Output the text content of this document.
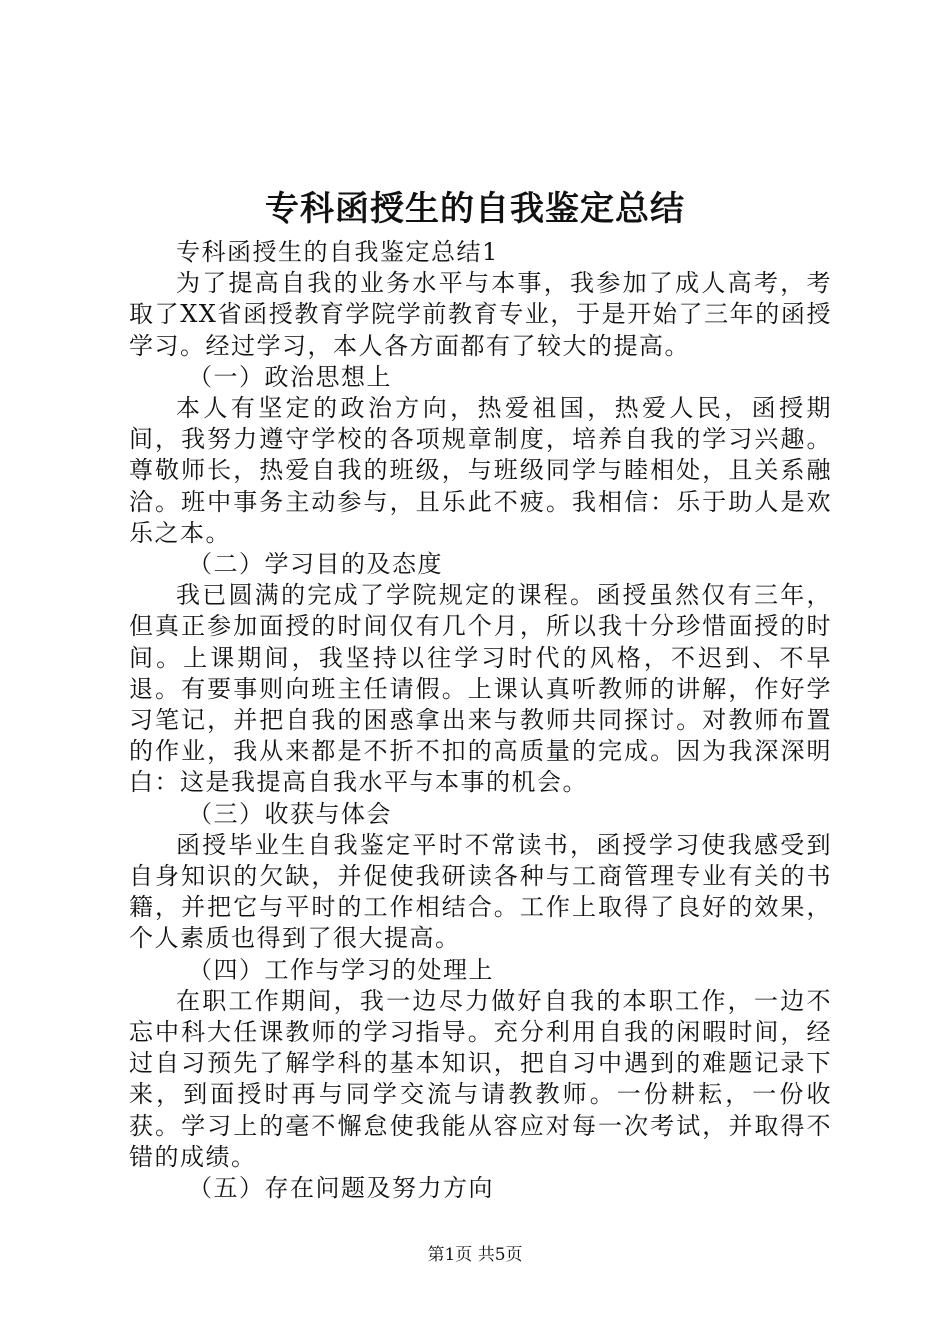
专科函授生的自我鉴定总结

专科函授生的自我鉴定总结1

为了提高自我的业务水平与本事，我参加了成人高考，考取了XX省函授教育学院学前教育专业，于是开始了三年的函授学习。经过学习，本人各方面都有了较大的提高。

（一）政治思想上

本人有坚定的政治方向，热爱祖国，热爱人民，函授期间，我努力遵守学校的各项规章制度，培养自我的学习兴趣。尊敬师长，热爱自我的班级，与班级同学与睦相处，且关系融洽。班中事务主动参与，且乐此不疲。我相信：乐于助人是欢乐之本。

（二）学习目的及态度

我已圆满的完成了学院规定的课程。函授虽然仅有三年，但真正参加面授的时间仅有几个月，所以我十分珍惜面授的时间。上课期间，我坚持以往学习时代的风格，不迟到、不早退。有要事则向班主任请假。上课认真听教师的讲解，作好学习笔记，并把自我的困惑拿出来与教师共同探讨。对教师布置的作业，我从来都是不折不扣的高质量的完成。因为我深深明白：这是我提高自我水平与本事的机会。

（三）收获与体会

函授毕业生自我鉴定平时不常读书，函授学习使我感受到自身知识的欠缺，并促使我研读各种与工商管理专业有关的书籍，并把它与平时的工作相结合。工作上取得了良好的效果，个人素质也得到了很大提高。

（四）工作与学习的处理上

在职工作期间，我一边尽力做好自我的本职工作，一边不忘中科大任课教师的学习指导。充分利用自我的闲暇时间，经过自习预先了解学科的基本知识，把自习中遇到的难题记录下来，到面授时再与同学交流与请教教师。一份耕耘，一份收获。学习上的毫不懈怠使我能从容应对每一次考试，并取得不错的成绩。

（五）存在问题及努力方向

第1页 共5页
